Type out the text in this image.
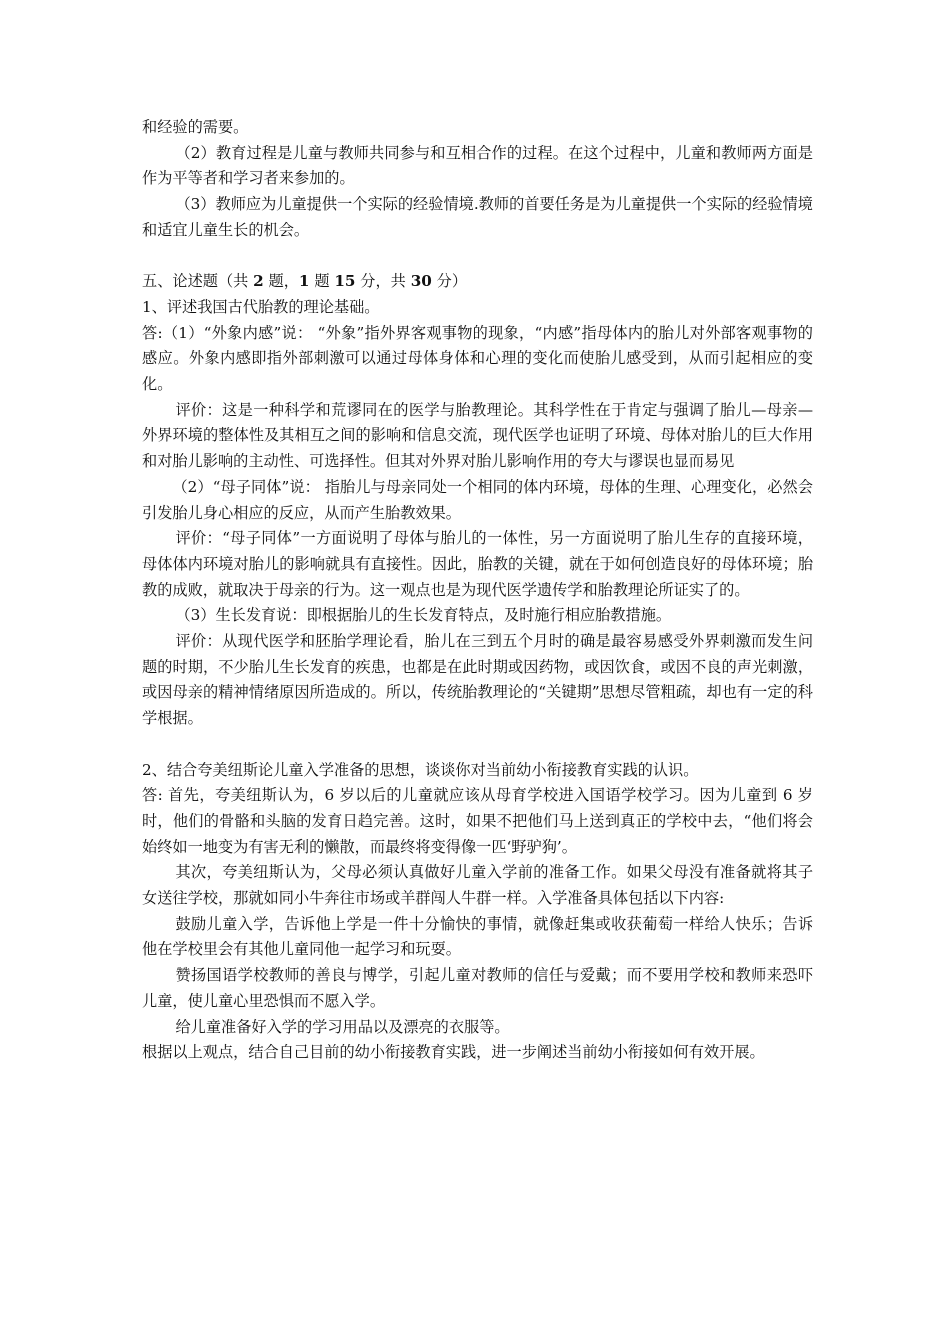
和经验的需要。

（2）教育过程是儿童与教师共同参与和互相合作的过程。在这个过程中，儿童和教师两方面是作为平等者和学习者来参加的。

（3）教师应为儿童提供一个实际的经验情境.教师的首要任务是为儿童提供一个实际的经验情境和适宜儿童生长的机会。

五、论述题（共 2 题，1 题 15 分，共 30 分）

1、评述我国古代胎教的理论基础。

答:（1）“外象内感”说： “外象”指外界客观事物的现象，“内感”指母体内的胎儿对外部客观事物的感应。外象内感即指外部刺激可以通过母体身体和心理的变化而使胎儿感受到，从而引起相应的变化。

评价：这是一种科学和荒谬同在的医学与胎教理论。其科学性在于肯定与强调了胎儿—母亲—外界环境的整体性及其相互之间的影响和信息交流，现代医学也证明了环境、母体对胎儿的巨大作用和对胎儿影响的主动性、可选择性。但其对外界对胎儿影响作用的夸大与谬误也显而易见

（2）“母子同体”说： 指胎儿与母亲同处一个相同的体内环境，母体的生理、心理变化，必然会引发胎儿身心相应的反应，从而产生胎教效果。

评价：“母子同体”一方面说明了母体与胎儿的一体性，另一方面说明了胎儿生存的直接环境，母体体内环境对胎儿的影响就具有直接性。因此，胎教的关键，就在于如何创造良好的母体环境；胎教的成败，就取决于母亲的行为。这一观点也是为现代医学遗传学和胎教理论所证实了的。

（3）生长发育说：即根据胎儿的生长发育特点，及时施行相应胎教措施。

评价：从现代医学和胚胎学理论看，胎儿在三到五个月时的确是最容易感受外界刺激而发生问题的时期，不少胎儿生长发育的疾患，也都是在此时期或因药物，或因饮食，或因不良的声光刺激，或因母亲的精神情绪原因所造成的。所以，传统胎教理论的“关键期”思想尽管粗疏，却也有一定的科学根据。

2、结合夸美纽斯论儿童入学准备的思想，谈谈你对当前幼小衔接教育实践的认识。

答: 首先，夸美纽斯认为，6 岁以后的儿童就应该从母育学校进入国语学校学习。因为儿童到 6 岁时，他们的骨骼和头脑的发育日趋完善。这时，如果不把他们马上送到真正的学校中去，“他们将会始终如一地变为有害无利的懒散，而最终将变得像一匹‘野驴狗’。

其次，夸美纽斯认为，父母必须认真做好儿童入学前的准备工作。如果父母没有准备就将其子女送往学校，那就如同小牛奔往市场或羊群闯人牛群一样。入学准备具体包括以下内容:

鼓励儿童入学，告诉他上学是一件十分愉快的事情，就像赶集或收获葡萄一样给人快乐；告诉他在学校里会有其他儿童同他一起学习和玩耍。

赞扬国语学校教师的善良与博学，引起儿童对教师的信任与爱戴；而不要用学校和教师来恐吓儿童，使儿童心里恐惧而不愿入学。

给儿童准备好入学的学习用品以及漂亮的衣服等。

根据以上观点，结合自己目前的幼小衔接教育实践，进一步阐述当前幼小衔接如何有效开展。
